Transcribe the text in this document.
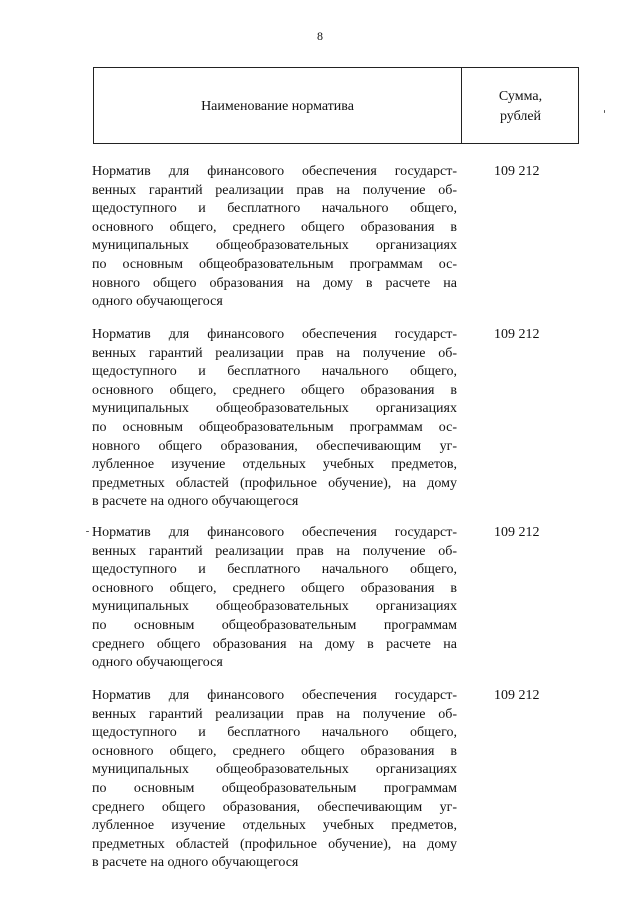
8
Наименование норматива
Сумма,
рублей
Норматив для финансового обеспечения государст-
венных гарантий реализации прав на получение об-
щедоступного и бесплатного начального общего,
основного общего, среднего общего образования в
муниципальных общеобразовательных организациях
по основным общеобразовательным программам ос-
новного общего образования на дому в расчете на
одного обучающегося
109 212
Норматив для финансового обеспечения государст-
венных гарантий реализации прав на получение об-
щедоступного и бесплатного начального общего,
основного общего, среднего общего образования в
муниципальных общеобразовательных организациях
по основным общеобразовательным программам ос-
новного общего образования, обеспечивающим уг-
лубленное изучение отдельных учебных предметов,
предметных областей (профильное обучение), на дому
в расчете на одного обучающегося
109 212
Норматив для финансового обеспечения государст-
венных гарантий реализации прав на получение об-
щедоступного и бесплатного начального общего,
основного общего, среднего общего образования в
муниципальных общеобразовательных организациях
по основным общеобразовательным программам
среднего общего образования на дому в расчете на
одного обучающегося
109 212
Норматив для финансового обеспечения государст-
венных гарантий реализации прав на получение об-
щедоступного и бесплатного начального общего,
основного общего, среднего общего образования в
муниципальных общеобразовательных организациях
по основным общеобразовательным программам
среднего общего образования, обеспечивающим уг-
лубленное изучение отдельных учебных предметов,
предметных областей (профильное обучение), на дому
в расчете на одного обучающегося
109 212
